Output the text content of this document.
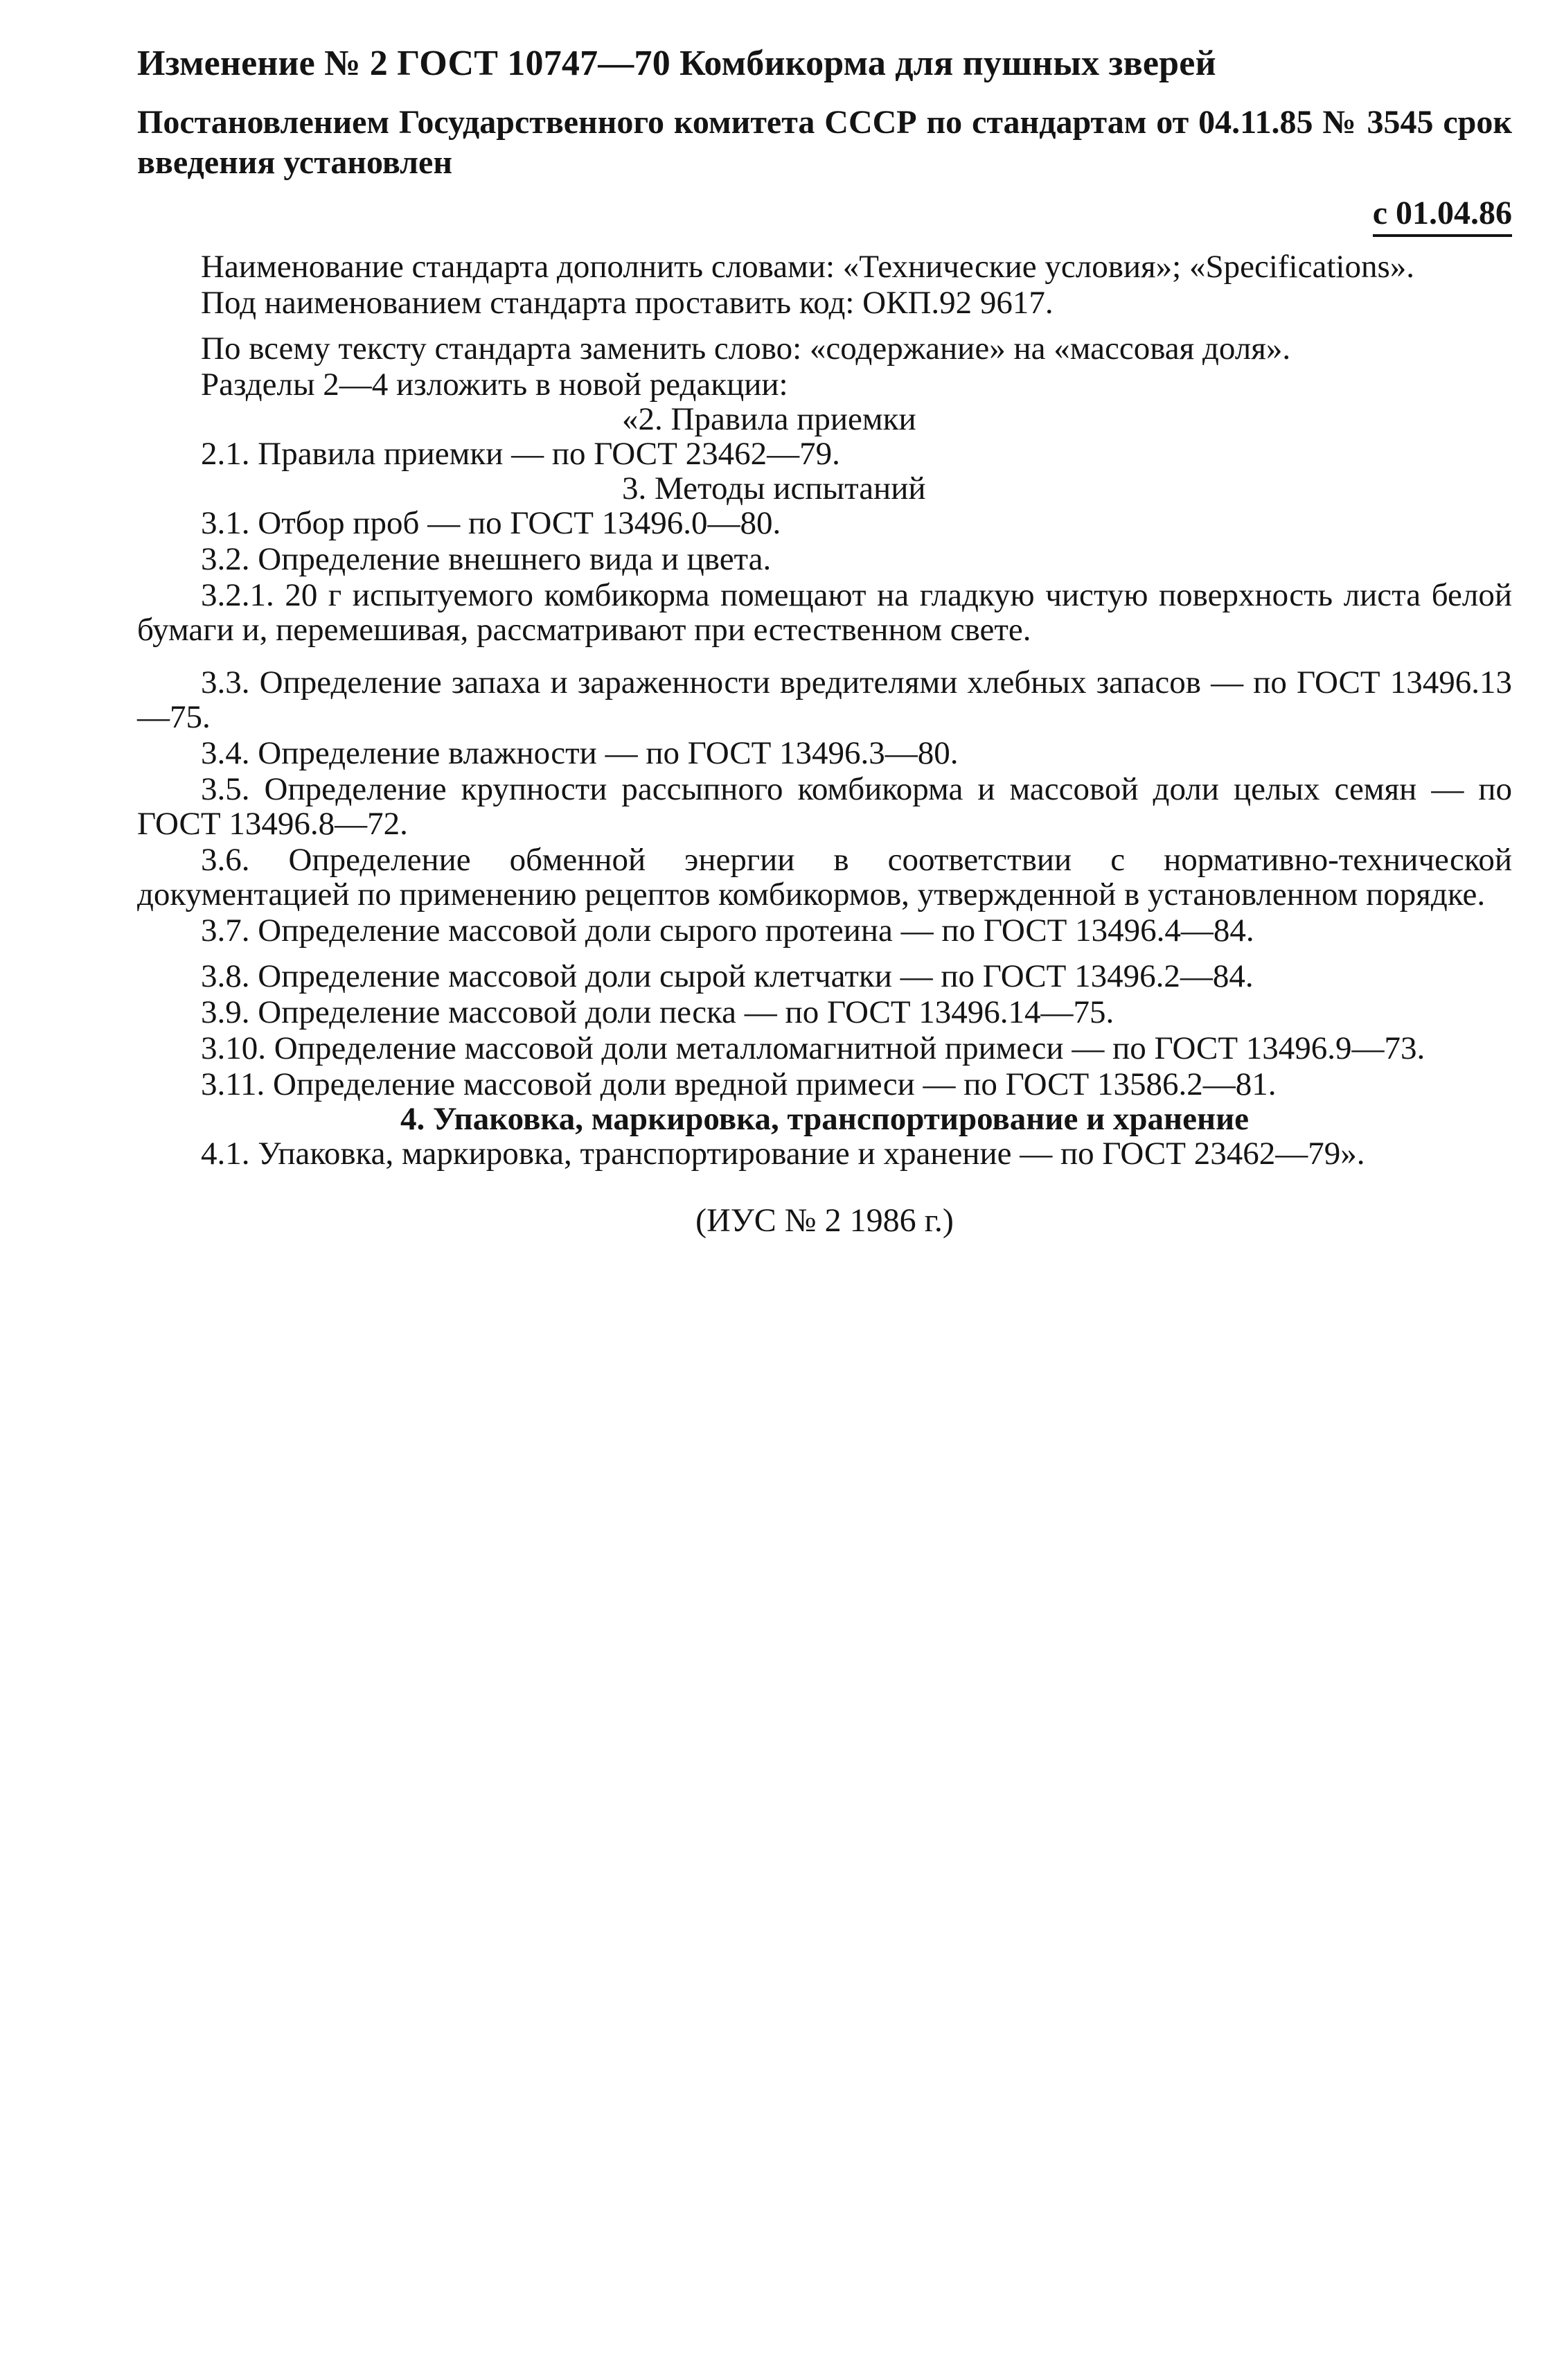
Изменение № 2 ГОСТ 10747—70 Комбикорма для пушных зверей
Постановлением Государственного комитета СССР по стандартам от 04.11.85 № 3545 срок введения установлен
с 01.04.86

Наименование стандарта дополнить словами: «Технические условия»; «Specifications».

Под наименованием стандарта проставить код: ОКП.92 9617.

По всему тексту стандарта заменить слово: «содержание» на «массовая доля».

Разделы 2—4 изложить в новой редакции:

«2. Правила приемки

2.1. Правила приемки — по ГОСТ 23462—79.

3. Методы испытаний

3.1. Отбор проб — по ГОСТ 13496.0—80.

3.2. Определение внешнего вида и цвета.

3.2.1. 20 г испытуемого комбикорма помещают на гладкую чистую поверхность листа белой бумаги и, перемешивая, рассматривают при естественном свете.

3.3. Определение запаха и зараженности вредителями хлебных запасов — по ГОСТ 13496.13—75.

3.4. Определение влажности — по ГОСТ 13496.3—80.

3.5. Определение крупности рассыпного комбикорма и массовой доли целых семян — по ГОСТ 13496.8—72.

3.6. Определение обменной энергии в соответствии с нормативно-технической документацией по применению рецептов комбикормов, утвержденной в установленном порядке.

3.7. Определение массовой доли сырого протеина — по ГОСТ 13496.4—84.

3.8. Определение массовой доли сырой клетчатки — по ГОСТ 13496.2—84.

3.9. Определение массовой доли песка — по ГОСТ 13496.14—75.

3.10. Определение массовой доли металломагнитной примеси — по ГОСТ 13496.9—73.

3.11. Определение массовой доли вредной примеси — по ГОСТ 13586.2—81.

4. Упаковка, маркировка, транспортирование и хранение

4.1. Упаковка, маркировка, транспортирование и хранение — по ГОСТ 23462—79».

(ИУС № 2 1986 г.)
